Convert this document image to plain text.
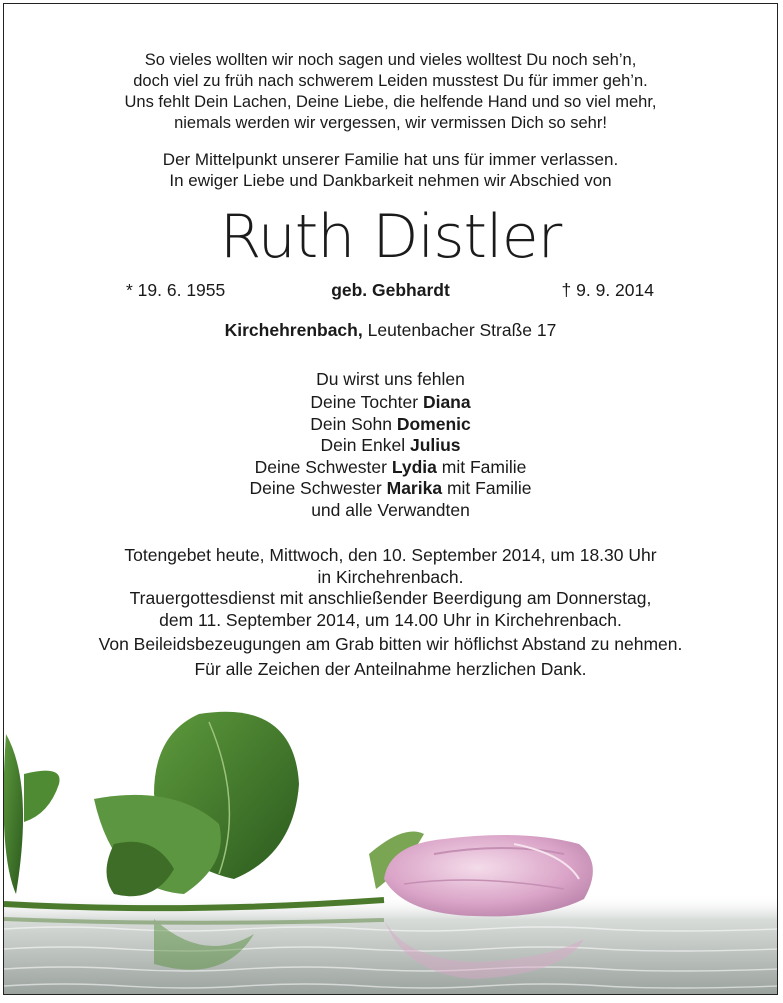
So vieles wollten wir noch sagen und vieles wolltest Du noch seh’n,
doch viel zu früh nach schwerem Leiden musstest Du für immer geh’n.
Uns fehlt Dein Lachen, Deine Liebe, die helfende Hand und so viel mehr,
niemals werden wir vergessen, wir vermissen Dich so sehr!
Der Mittelpunkt unserer Familie hat uns für immer verlassen.
In ewiger Liebe und Dankbarkeit nehmen wir Abschied von
Ruth Distler
* 19. 6. 1955	geb. Gebhardt	† 9. 9. 2014
Kirchehrenbach, Leutenbacher Straße 17
Du wirst uns fehlen
Deine Tochter Diana
Dein Sohn Domenic
Dein Enkel Julius
Deine Schwester Lydia mit Familie
Deine Schwester Marika mit Familie
und alle Verwandten
Totengebet heute, Mittwoch, den 10. September 2014, um 18.30 Uhr
in Kirchehrenbach.
Trauergottesdienst mit anschließender Beerdigung am Donnerstag,
dem 11. September 2014, um 14.00 Uhr in Kirchehrenbach.
Von Beileidsbezeugungen am Grab bitten wir höflichst Abstand zu nehmen.
Für alle Zeichen der Anteilnahme herzlichen Dank.
